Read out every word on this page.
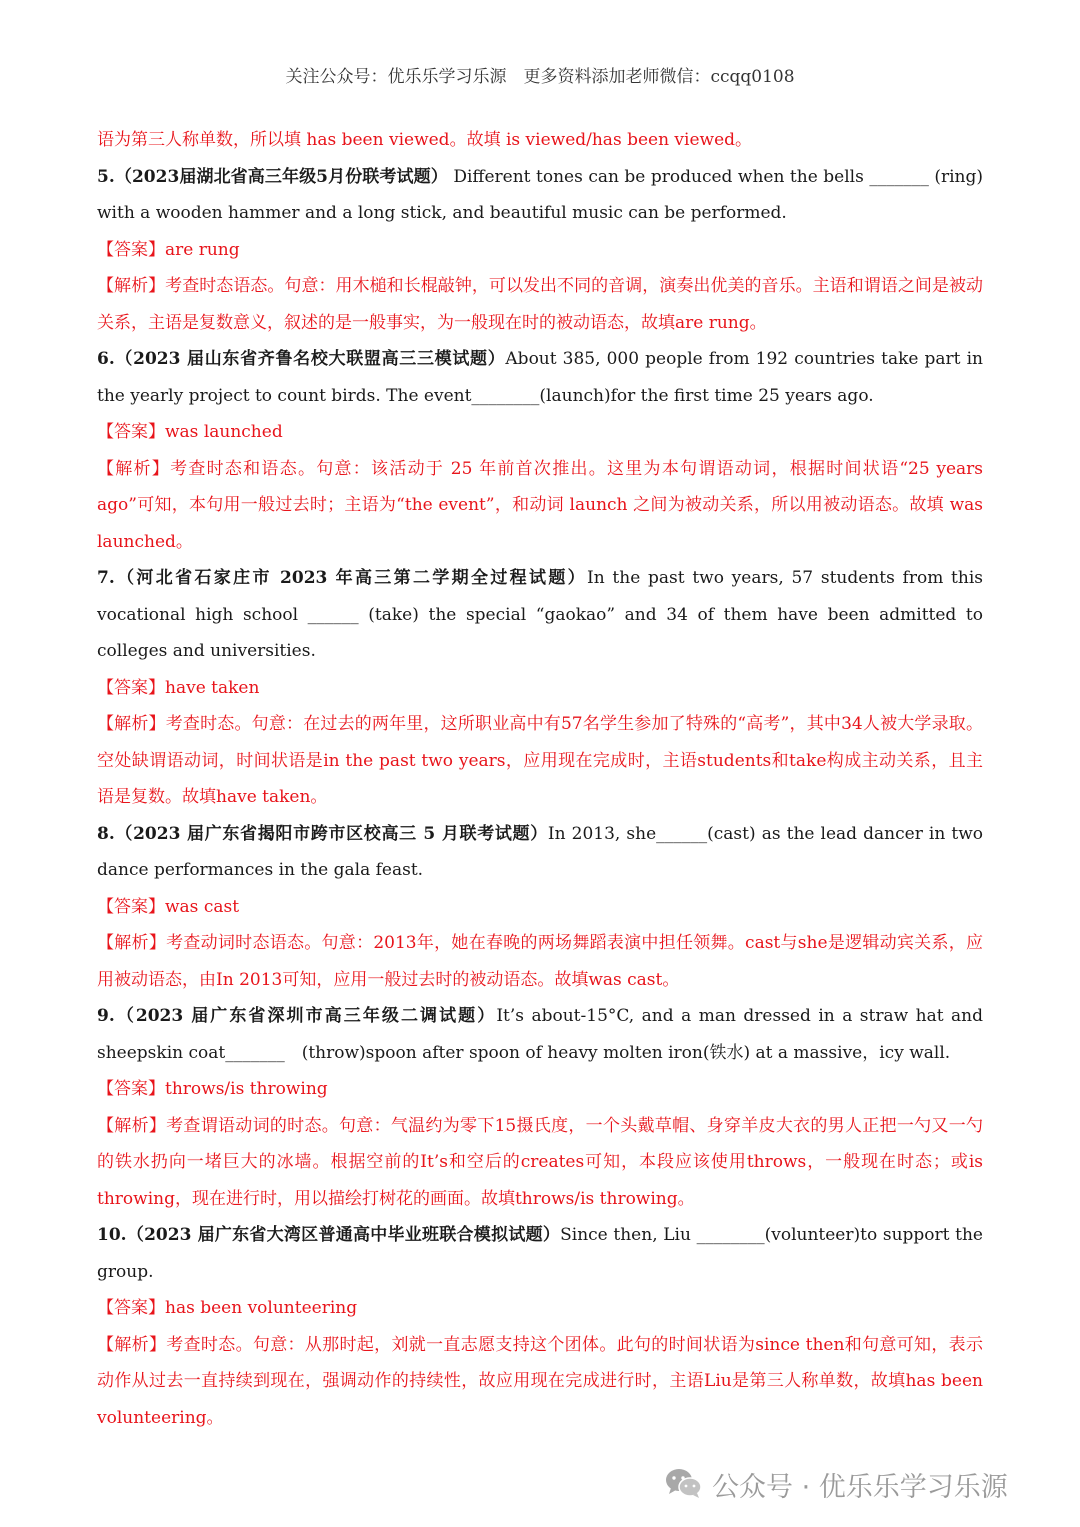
关注公众号：优乐乐学习乐源　更多资料添加老师微信：ccqq0108

语为第三人称单数，所以填 has been viewed。故填 is viewed/has been viewed。

5.（2023届湖北省高三年级5月份联考试题） Different tones can be produced when the bells _______ (ring) with a wooden hammer and a long stick, and beautiful music can be performed.

【答案】are rung

【解析】考查时态语态。句意：用木槌和长棍敲钟，可以发出不同的音调，演奏出优美的音乐。主语和谓语之间是被动关系，主语是复数意义，叙述的是一般事实，为一般现在时的被动语态，故填are rung。

6.（2023 届山东省齐鲁名校大联盟高三三模试题）About 385, 000 people from 192 countries take part in the yearly project to count birds. The event________(launch)for the first time 25 years ago.

【答案】was launched

【解析】考查时态和语态。句意：该活动于 25 年前首次推出。这里为本句谓语动词，根据时间状语“25 years ago”可知，本句用一般过去时；主语为“the event”，和动词 launch 之间为被动关系，所以用被动语态。故填 was launched。

7.（河北省石家庄市 2023 年高三第二学期全过程试题）In the past two years, 57 students from this vocational high school ______ (take) the special “gaokao” and 34 of them have been admitted to colleges and universities.

【答案】have taken

【解析】考查时态。句意：在过去的两年里，这所职业高中有57名学生参加了特殊的“高考”，其中34人被大学录取。空处缺谓语动词，时间状语是in the past two years，应用现在完成时，主语students和take构成主动关系，且主语是复数。故填have taken。

8.（2023 届广东省揭阳市跨市区校高三 5 月联考试题）In 2013, she______(cast) as the lead dancer in two dance performances in the gala feast.

【答案】was cast

【解析】考查动词时态语态。句意：2013年，她在春晚的两场舞蹈表演中担任领舞。cast与she是逻辑动宾关系，应用被动语态，由In 2013可知，应用一般过去时的被动语态。故填was cast。

9.（2023 届广东省深圳市高三年级二调试题）It’s about-15°C, and a man dressed in a straw hat and sheepskin coat_______　(throw)spoon after spoon of heavy molten iron(铁水) at a massive，icy wall.

【答案】throws/is throwing

【解析】考查谓语动词的时态。句意：气温约为零下15摄氏度，一个头戴草帽、身穿羊皮大衣的男人正把一勺又一勺的铁水扔向一堵巨大的冰墙。根据空前的It’s和空后的creates可知，本段应该使用throws，一般现在时态；或is throwing，现在进行时，用以描绘打树花的画面。故填throws/is throwing。

10.（2023 届广东省大湾区普通高中毕业班联合模拟试题）Since then, Liu ________(volunteer)to support the group.

【答案】has been volunteering

【解析】考查时态。句意：从那时起，刘就一直志愿支持这个团体。此句的时间状语为since then和句意可知，表示动作从过去一直持续到现在，强调动作的持续性，故应用现在完成进行时，主语Liu是第三人称单数，故填has been volunteering。

公众号 · 优乐乐学习乐源
